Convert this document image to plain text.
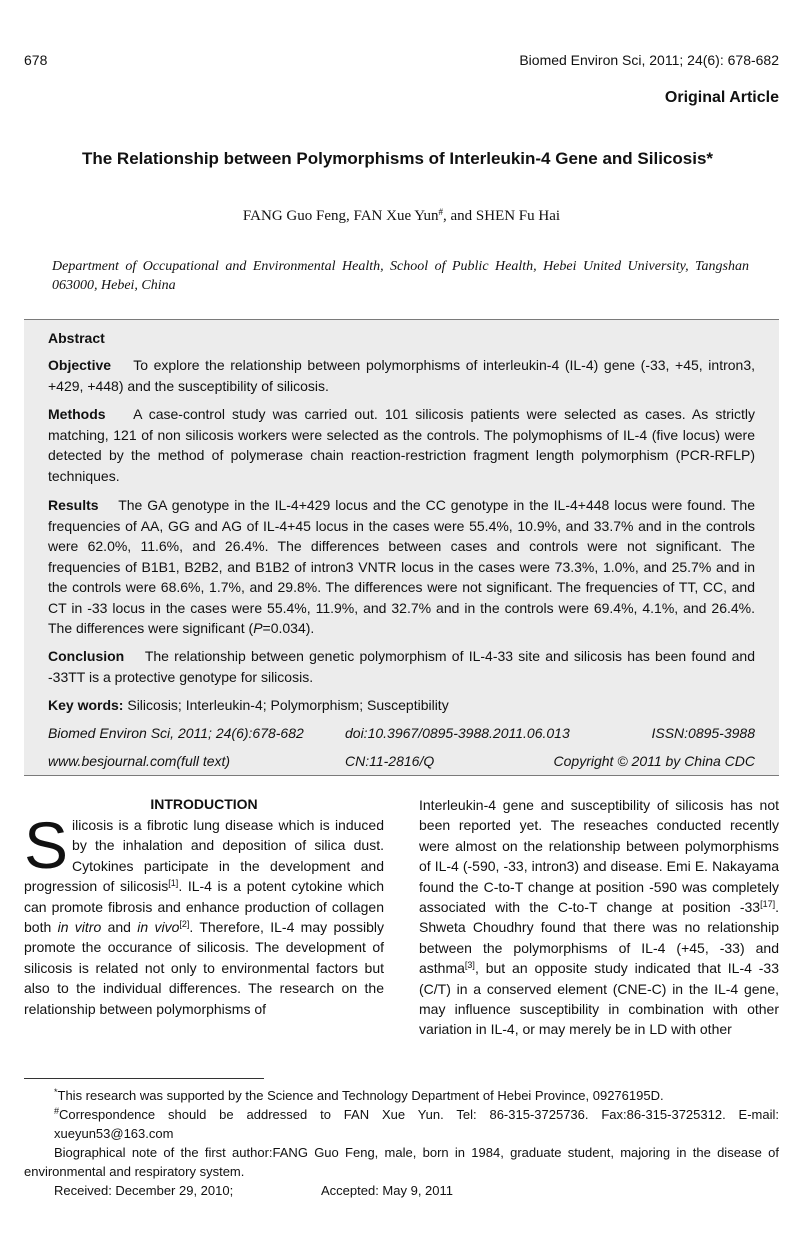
678	Biomed Environ Sci, 2011; 24(6): 678-682
Original Article
The Relationship between Polymorphisms of Interleukin-4 Gene and Silicosis*
FANG Guo Feng, FAN Xue Yun#, and SHEN Fu Hai
Department of Occupational and Environmental Health, School of Public Health, Hebei United University, Tangshan 063000, Hebei, China
Abstract

Objective To explore the relationship between polymorphisms of interleukin-4 (IL-4) gene (-33, +45, intron3, +429, +448) and the susceptibility of silicosis.

Methods A case-control study was carried out. 101 silicosis patients were selected as cases. As strictly matching, 121 of non silicosis workers were selected as the controls. The polymophisms of IL-4 (five locus) were detected by the method of polymerase chain reaction-restriction fragment length polymorphism (PCR-RFLP) techniques.

Results The GA genotype in the IL-4+429 locus and the CC genotype in the IL-4+448 locus were found. The frequencies of AA, GG and AG of IL-4+45 locus in the cases were 55.4%, 10.9%, and 33.7% and in the controls were 62.0%, 11.6%, and 26.4%. The differences between cases and controls were not significant. The frequencies of B1B1, B2B2, and B1B2 of intron3 VNTR locus in the cases were 73.3%, 1.0%, and 25.7% and in the controls were 68.6%, 1.7%, and 29.8%. The differences were not significant. The frequencies of TT, CC, and CT in -33 locus in the cases were 55.4%, 11.9%, and 32.7% and in the controls were 69.4%, 4.1%, and 26.4%. The differences were significant (P=0.034).

Conclusion The relationship between genetic polymorphism of IL-4-33 site and silicosis has been found and -33TT is a protective genotype for silicosis.

Key words: Silicosis; Interleukin-4; Polymorphism; Susceptibility

Biomed Environ Sci, 2011; 24(6):678-682	doi:10.3967/0895-3988.2011.06.013	ISSN:0895-3988
www.besjournal.com(full text)	CN:11-2816/Q	Copyright © 2011 by China CDC
INTRODUCTION
Silicosis is a fibrotic lung disease which is induced by the inhalation and deposition of silica dust. Cytokines participate in the development and progression of silicosis[1]. IL-4 is a potent cytokine which can promote fibrosis and enhance production of collagen both in vitro and in vivo[2]. Therefore, IL-4 may possibly promote the occurance of silicosis. The development of silicosis is related not only to environmental factors but also to the individual differences. The research on the relationship between polymorphisms of
Interleukin-4 gene and susceptibility of silicosis has not been reported yet. The reseaches conducted recently were almost on the relationship between polymorphisms of IL-4 (-590, -33, intron3) and disease. Emi E. Nakayama found the C-to-T change at position -590 was completely associated with the C-to-T change at position -33[17]. Shweta Choudhry found that there was no relationship between the polymorphisms of IL-4 (+45, -33) and asthma[3], but an opposite study indicated that IL-4 -33 (C/T) in a conserved element (CNE-C) in the IL-4 gene, may influence susceptibility in combination with other variation in IL-4, or may merely be in LD with other

*This research was supported by the Science and Technology Department of Hebei Province, 09276195D.

#Correspondence should be addressed to FAN Xue Yun. Tel: 86-315-3725736. Fax:86-315-3725312. E-mail: xueyun53@163.com

Biographical note of the first author:FANG Guo Feng, male, born in 1984, graduate student, majoring in the disease of environmental and respiratory system.

Received: December 29, 2010;	Accepted: May 9, 2011
